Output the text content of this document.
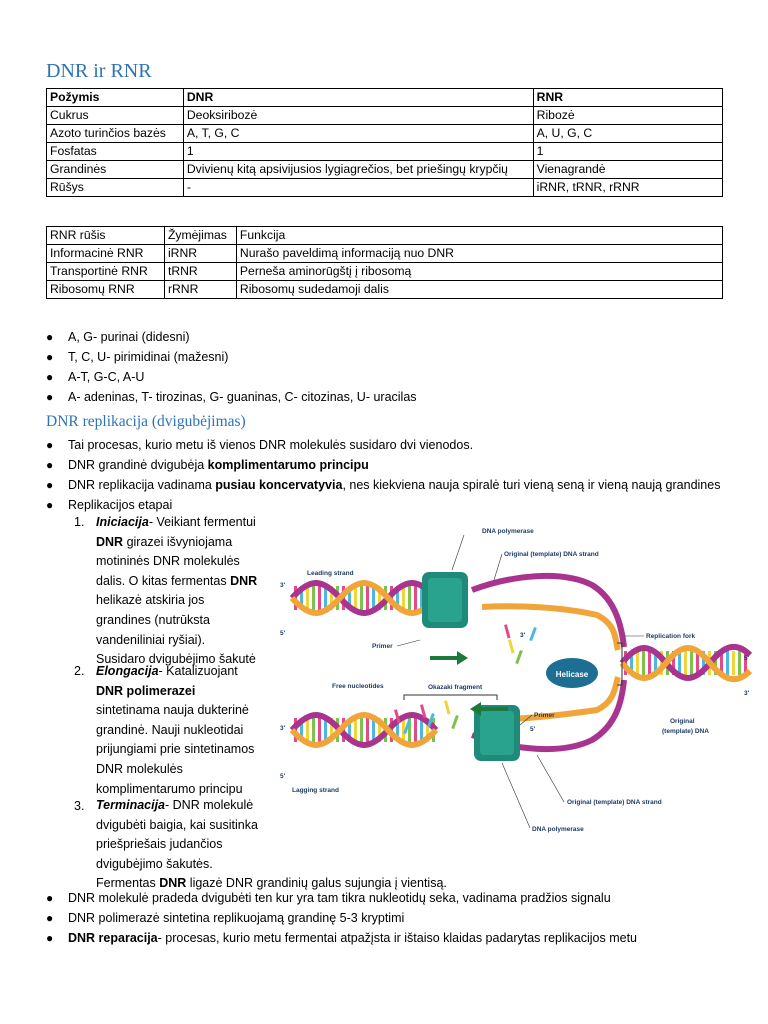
DNR ir RNR
Požymis	DNR	RNR
Cukrus	Deoksiribozė	Ribozė
Azoto turinčios bazės	A, T, G, C	A, U, G, C
Fosfatas	1	1
Grandinės	Dvivienų kitą apsivijusios lygiagrečios, bet priešingų krypčių	Vienagrandė
Rūšys	-	iRNR, tRNR, rRNR
RNR rūšis	Žymėjimas	Funkcija
Informacinė RNR	iRNR	Nurašo paveldimą informaciją nuo DNR
Transportinė RNR	tRNR	Perneša aminorūgštį į ribosomą
Ribosomų RNR	rRNR	Ribosomų sudedamoji dalis
● A, G- purinai (didesni)
● T, C, U- pirimidinai (mažesni)
● A-T, G-C, A-U
● A- adeninas, T- tirozinas, G- guaninas, C- citozinas, U- uracilas
DNR replikacija (dvigubėjimas)
● Tai procesas, kurio metu iš vienos DNR molekulės susidaro dvi vienodos.
● DNR grandinė dvigubėja komplimentarumo principu
● DNR replikacija vadinama pusiau koncervatyvia, nes kiekviena nauja spiralė turi vieną seną ir vieną naują grandines
● Replikacijos etapai
1. Iniciacija- Veikiant fermentui
DNR girazei išvyniojama
motininės DNR molekulės
dalis. O kitas fermentas DNR
helikazė atskiria jos
grandines (nutrūksta
vandeniliniai ryšiai).
Susidaro dvigubėjimo šakutė
2. Elongacija- Katalizuojant
DNR polimerazei
sintetinama nauja dukterinė
grandinė. Nauji nukleotidai
prijungiami prie sintetinamos
DNR molekulės
komplimentarumo principu
3. Terminacija- DNR molekulė
dvigubėti baigia, kai susitinka
priešpriešais judančios
dvigubėjimo šakutės.
Fermentas DNR ligazė DNR grandinių galus sujungia į vientisą.
● DNR molekulė pradeda dvigubėti ten kur yra tam tikra nukleotidų seka, vadinama pradžios signalu
● DNR polimerazė sintetina replikuojamą grandinę 5-3 kryptimi
● DNR reparacija- procesas, kurio metu fermentai atpažįsta ir ištaiso klaidas padarytas replikacijos metu
Helicase
DNA polymerase
Original (template) DNA strand
Leading strand
Replication fork
Primer
Free nucleotides	Okazaki fragment
Primer
Original
(template) DNA
Lagging strand
Original (template) DNA strand
DNA polymerase
3'
5'	3'
3'
5'
5'
5'
3'
